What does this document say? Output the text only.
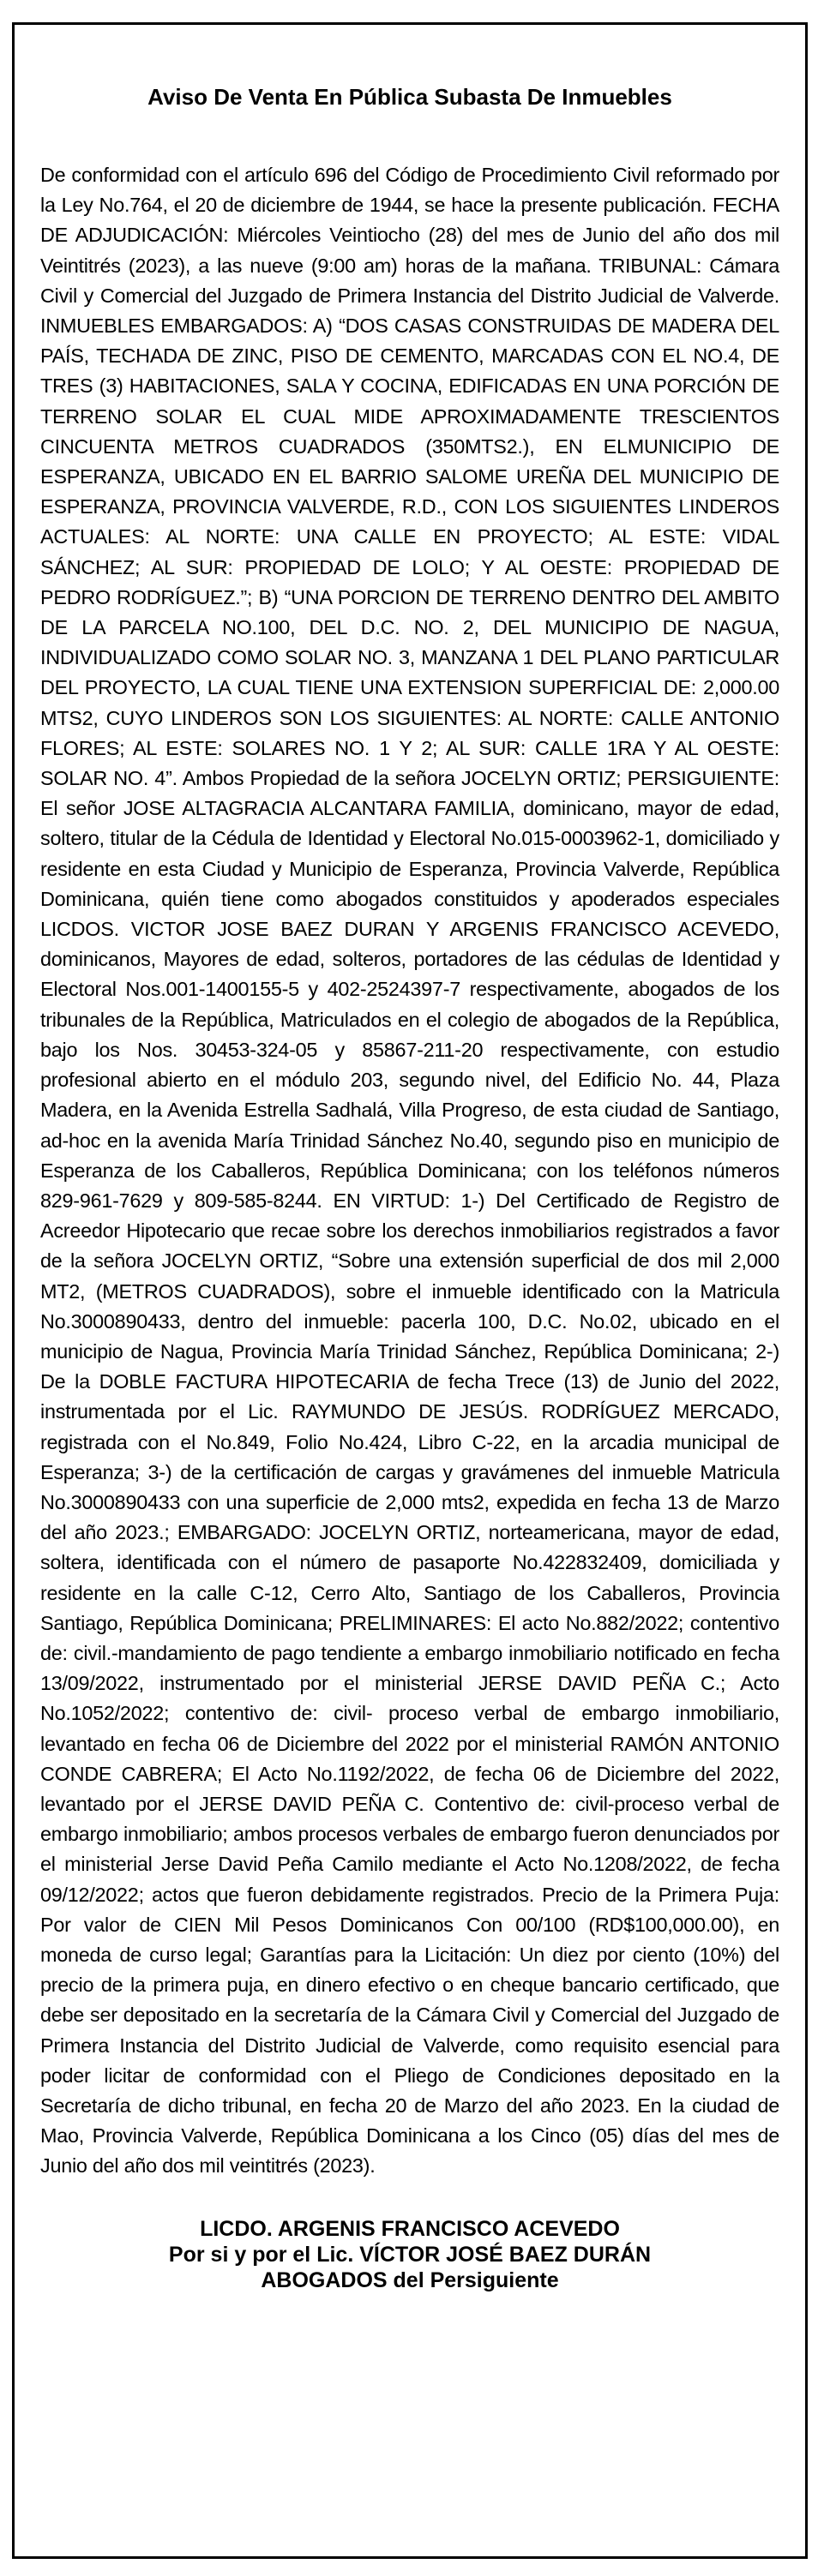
Aviso De Venta En Pública Subasta De Inmuebles

De conformidad con el artículo 696 del Código de Procedimiento Civil reformado por la Ley No.764, el 20 de diciembre de 1944, se hace la presente publicación. FECHA DE ADJUDICACIÓN: Miércoles Veintiocho (28) del mes de Junio del año dos mil Veintitrés (2023), a las nueve (9:00 am) horas de la mañana. TRIBUNAL: Cámara Civil y Comercial del Juzgado de Primera Instancia del Distrito Judicial de Valverde. INMUEBLES EMBARGADOS: A) “DOS CASAS CONSTRUIDAS DE MADERA DEL PAÍS, TECHADA DE ZINC, PISO DE CEMENTO, MARCADAS CON EL NO.4, DE TRES (3) HABITACIONES, SALA Y COCINA, EDIFICADAS EN UNA PORCIÓN DE TERRENO SOLAR EL CUAL MIDE APROXIMADAMENTE TRESCIENTOS CINCUENTA METROS CUADRADOS (350MTS2.), EN ELMUNICIPIO DE ESPERANZA, UBICADO EN EL BARRIO SALOME UREÑA DEL MUNICIPIO DE ESPERANZA, PROVINCIA VALVERDE, R.D., CON LOS SIGUIENTES LINDEROS ACTUALES: AL NORTE: UNA CALLE EN PROYECTO; AL ESTE: VIDAL SÁNCHEZ; AL SUR: PROPIEDAD DE LOLO; Y AL OESTE: PROPIEDAD DE PEDRO RODRÍGUEZ.”; B) “UNA PORCION DE TERRENO DENTRO DEL AMBITO DE LA PARCELA NO.100, DEL D.C. NO. 2, DEL MUNICIPIO DE NAGUA, INDIVIDUALIZADO COMO SOLAR NO. 3, MANZANA 1 DEL PLANO PARTICULAR DEL PROYECTO, LA CUAL TIENE UNA EXTENSION SUPERFICIAL DE: 2,000.00 MTS2, CUYO LINDEROS SON LOS SIGUIENTES: AL NORTE: CALLE ANTONIO FLORES; AL ESTE: SOLARES NO. 1 Y 2; AL SUR: CALLE 1RA Y AL OESTE: SOLAR NO. 4”. Ambos Propiedad de la señora JOCELYN ORTIZ; PERSIGUIENTE: El señor JOSE ALTAGRACIA ALCANTARA FAMILIA, dominicano, mayor de edad, soltero, titular de la Cédula de Identidad y Electoral No.015-0003962-1, domiciliado y residente en esta Ciudad y Municipio de Esperanza, Provincia Valverde, República Dominicana, quién tiene como abogados constituidos y apoderados especiales LICDOS. VICTOR JOSE BAEZ DURAN Y ARGENIS FRANCISCO ACEVEDO, dominicanos, Mayores de edad, solteros, portadores de las cédulas de Identidad y Electoral Nos.001-1400155-5 y 402-2524397-7 respectivamente, abogados de los tribunales de la República, Matriculados en el colegio de abogados de la República, bajo los Nos. 30453-324-05 y 85867-211-20 respectivamente, con estudio profesional abierto en el módulo 203, segundo nivel, del Edificio No. 44, Plaza Madera, en la Avenida Estrella Sadhalá, Villa Progreso, de esta ciudad de Santiago, ad-hoc en la avenida María Trinidad Sánchez No.40, segundo piso en municipio de Esperanza de los Caballeros, República Dominicana; con los teléfonos números 829-961-7629 y 809-585-8244. EN VIRTUD: 1-) Del Certificado de Registro de Acreedor Hipotecario que recae sobre los derechos inmobiliarios registrados a favor de la señora JOCELYN ORTIZ, “Sobre una extensión superficial de dos mil 2,000 MT2, (METROS CUADRADOS), sobre el inmueble identificado con la Matricula No.3000890433, dentro del inmueble: pacerla 100, D.C. No.02, ubicado en el municipio de Nagua, Provincia María Trinidad Sánchez, República Dominicana; 2-) De la DOBLE FACTURA HIPOTECARIA de fecha Trece (13) de Junio del 2022, instrumentada por el Lic. RAYMUNDO DE JESÚS. RODRÍGUEZ MERCADO, registrada con el No.849, Folio No.424, Libro C-22, en la arcadia municipal de Esperanza; 3-) de la certificación de cargas y gravámenes del inmueble Matricula No.3000890433 con una superficie de 2,000 mts2, expedida en fecha 13 de Marzo del año 2023.; EMBARGADO: JOCELYN ORTIZ, norteamericana, mayor de edad, soltera, identificada con el número de pasaporte No.422832409, domiciliada y residente en la calle C-12, Cerro Alto, Santiago de los Caballeros, Provincia Santiago, República Dominicana; PRELIMINARES: El acto No.882/2022; contentivo de: civil.-mandamiento de pago tendiente a embargo inmobiliario notificado en fecha 13/09/2022, instrumentado por el ministerial JERSE DAVID PEÑA C.; Acto No.1052/2022; contentivo de: civil- proceso verbal de embargo inmobiliario, levantado en fecha 06 de Diciembre del 2022 por el ministerial RAMÓN ANTONIO CONDE CABRERA; El Acto No.1192/2022, de fecha 06 de Diciembre del 2022, levantado por el JERSE DAVID PEÑA C. Contentivo de: civil-proceso verbal de embargo inmobiliario; ambos procesos verbales de embargo fueron denunciados por el ministerial Jerse David Peña Camilo mediante el Acto No.1208/2022, de fecha 09/12/2022; actos que fueron debidamente registrados. Precio de la Primera Puja: Por valor de CIEN Mil Pesos Dominicanos Con 00/100 (RD$100,000.00), en moneda de curso legal; Garantías para la Licitación: Un diez por ciento (10%) del precio de la primera puja, en dinero efectivo o en cheque bancario certificado, que debe ser depositado en la secretaría de la Cámara Civil y Comercial del Juzgado de Primera Instancia del Distrito Judicial de Valverde, como requisito esencial para poder licitar de conformidad con el Pliego de Condiciones depositado en la Secretaría de dicho tribunal, en fecha 20 de Marzo del año 2023. En la ciudad de Mao, Provincia Valverde, República Dominicana a los Cinco (05) días del mes de Junio del año dos mil veintitrés (2023).

LICDO. ARGENIS FRANCISCO ACEVEDO
Por si y por el Lic. VÍCTOR JOSÉ BAEZ DURÁN
ABOGADOS del Persiguiente
